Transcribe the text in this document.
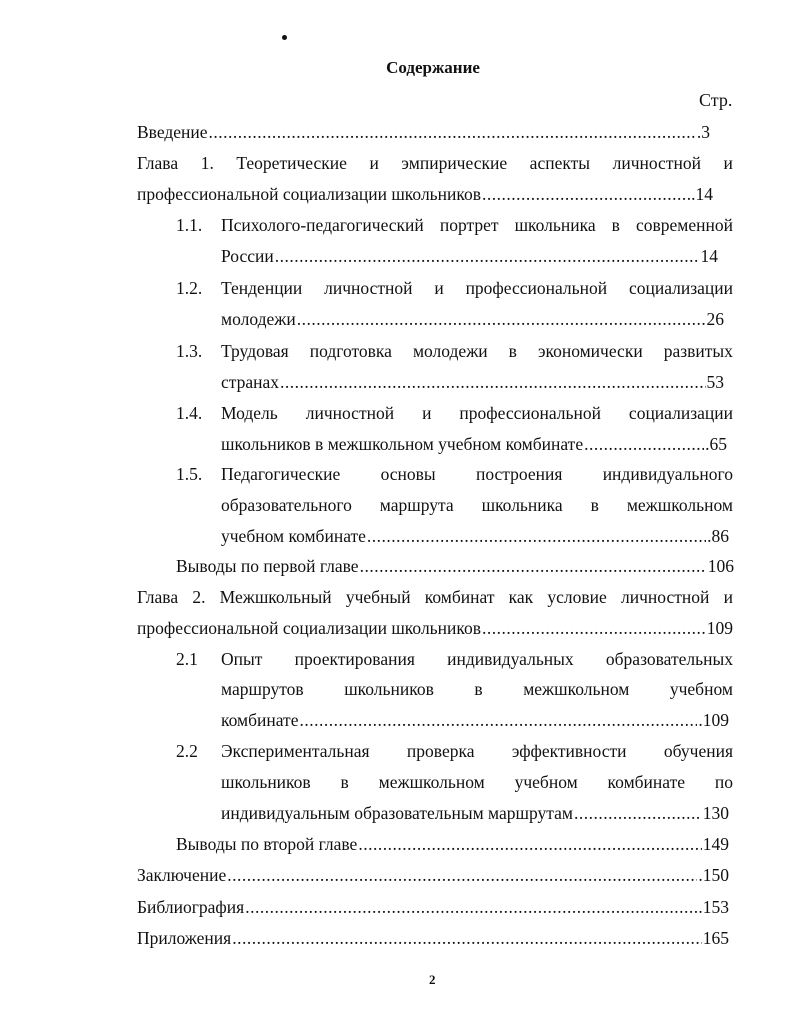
Содержание
Стр.
Введение .....	.3
Глава 1. Теоретические и эмпирические аспекты личностной и
профессиональной социализации школьников .....	.14
1.1. Психолого-педагогический портрет школьника в современной
России .....	14
1.2. Тенденции личностной и профессиональной социализации
молодежи .....	26
1.3. Трудовая подготовка молодежи в экономически развитых
странах .....	53
1.4. Модель личностной и профессиональной социализации
школьников в межшкольном учебном комбинате .....	.65
1.5. Педагогические основы построения индивидуального
образовательного маршрута школьника в межшкольном
учебном комбинате .....	.86
Выводы по первой главе .....	106
Глава 2. Межшкольный учебный комбинат как условие личностной и
профессиональной социализации школьников .....	109
2.1 Опыт проектирования индивидуальных образовательных
маршрутов школьников в межшкольном учебном
комбинате .....	.109
2.2 Экспериментальная проверка эффективности обучения
школьников в межшкольном учебном комбинате по
индивидуальным образовательным маршрутам .....	130
Выводы по второй главе .....	149
Заключение .....	.150
Библиография .....	.153
Приложения .....	165
2
